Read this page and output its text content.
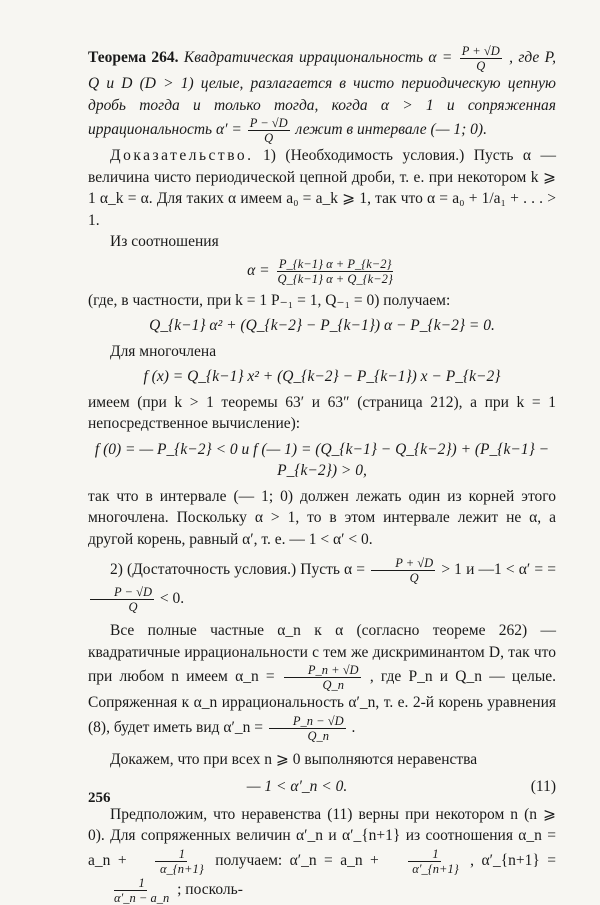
Теорема 264. Квадратическая иррациональность $\alpha = \frac{P + √D}{Q}$ , где P, Q и D (D > 1) целые, разлагается в чисто периодическую цепную дробь тогда и только тогда, когда α > 1 и сопряженная иррациональность $\alpha' = \frac{P - √D}{Q}$ лежит в интервале (— 1; 0).

Доказательство. 1) (Необходимость условия.) Пусть α — величина чисто периодической цепной дроби, т. е. при некотором k ⩾ 1 α_k = α. Для таких α имеем a₀ = a_k ⩾ 1, так что α = a₀ + 1/a₁ + . . . > 1.

Из соотношения

$\alpha = \frac{P\_\{k-1\} \alpha + P\_\{k-2\}}{Q\_\{k-1\} \alpha + Q\_\{k-2\}}$

(где, в частности, при k = 1 P₋₁ = 1, Q₋₁ = 0) получаем:

Q_{k−1} α² + (Q_{k−2} − P_{k−1}) α − P_{k−2} = 0.

Для многочлена

f (x) = Q_{k−1} x² + (Q_{k−2} − P_{k−1}) x − P_{k−2}

имеем (при k > 1 теоремы 63′ и 63″ (страница 212), а при k = 1 непосредственное вычисление):

f (0) = — P_{k−2} < 0 и f (— 1) = (Q_{k−1} − Q_{k−2}) + (P_{k−1} − P_{k−2}) > 0,

так что в интервале (— 1; 0) должен лежать один из корней этого многочлена. Поскольку α > 1, то в этом интервале лежит не α, а другой корень, равный α′, т. е. — 1 < α′ < 0.

2) (Достаточность условия.) Пусть $\alpha = \frac{P + √D}{Q} > 1$ и —1 < α′ = =
$\frac{P - √D}{Q} < 0$.

Все полные частные α_n к α (согласно теореме 262) — квадратичные иррациональности с тем же дискриминантом D, так что при любом n имеем α_n = $\frac{P\_n + √D}{Q\_n}$ , где P_n и Q_n — целые. Сопряженная к α_n иррациональность α′_n, т. е. 2-й корень уравнения (8), будет иметь вид α′_n = $\frac{P\_n - √D}{Q\_n}$ .

Докажем, что при всех n ⩾ 0 выполняются неравенства

— 1 < α′_n < 0.	(11)

Предположим, что неравенства (11) верны при некотором n (n ⩾ 0). Для сопряженных величин α′_n и α′_{n+1} из соотношения α_n = a_n + $\frac{1}{\alpha\_\{n+1\}}$ получаем: α′_n = a_n + $\frac{1}{\alpha'\_\{n+1\}}$ , α′_{n+1} =
$\frac{1}{\alpha'\_n - a\_n}$ ; посколь-

256
